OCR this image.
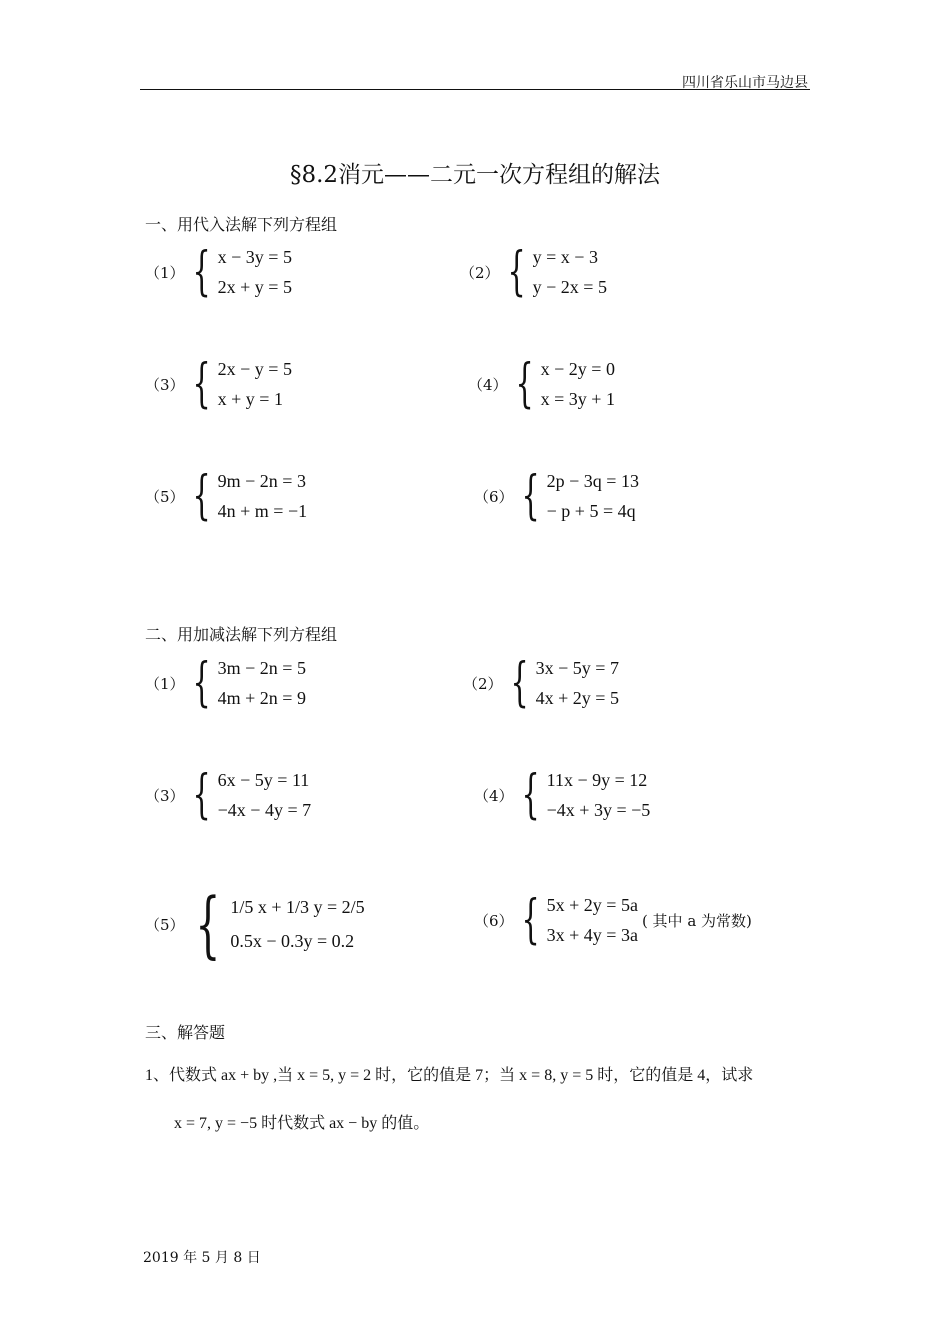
四川省乐山市马边县
§8.2消元——二元一次方程组的解法
一、用代入法解下列方程组
（1） { x − 3y = 5
2x + y = 5
（2） { y = x − 3
y − 2x = 5
（3） { 2x − y = 5
x + y = 1
（4） { x − 2y = 0
x = 3y + 1
（5） { 9m − 2n = 3
4n + m = −1
（6） { 2p − 3q = 13
− p + 5 = 4q
二、用加减法解下列方程组
（1） { 3m − 2n = 5
4m + 2n = 9
（2） { 3x − 5y = 7
4x + 2y = 5
（3） { 6x − 5y = 11
−4x − 4y = 7
（4） { 11x − 9y = 12
−4x + 3y = −5
（5） { 1/5 x + 1/3 y = 2/5
0.5x − 0.3y = 0.2
（6） { 5x + 2y = 5a
3x + 4y = 3a
( 其中 a 为常数)
三、解答题
1、代数式 ax + by ,当 x = 5, y = 2 时，它的值是 7；当 x = 8, y = 5 时，它的值是 4，试求
x = 7, y = −5 时代数式 ax − by 的值。
2019 年 5 月 8 日
